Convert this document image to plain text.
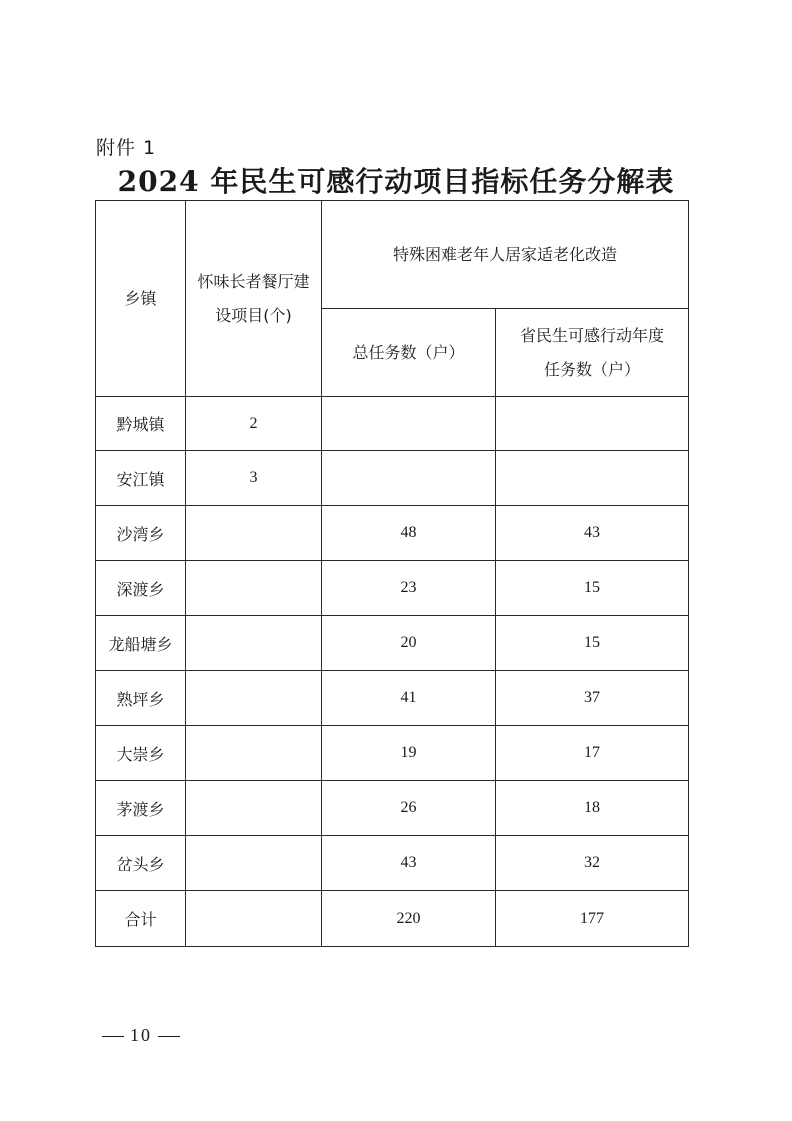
附件 1
2024 年民生可感行动项目指标任务分解表
乡镇	怀味长者餐厅建设项目(个)	特殊困难老年人居家适老化改造	
		总任务数（户）	省民生可感行动年度任务数（户）
黔城镇	2		
安江镇	3		
沙湾乡		48	43
深渡乡		23	15
龙船塘乡		20	15
熟坪乡		41	37
大崇乡		19	17
茅渡乡		26	18
岔头乡		43	32
合计		220	177
10
